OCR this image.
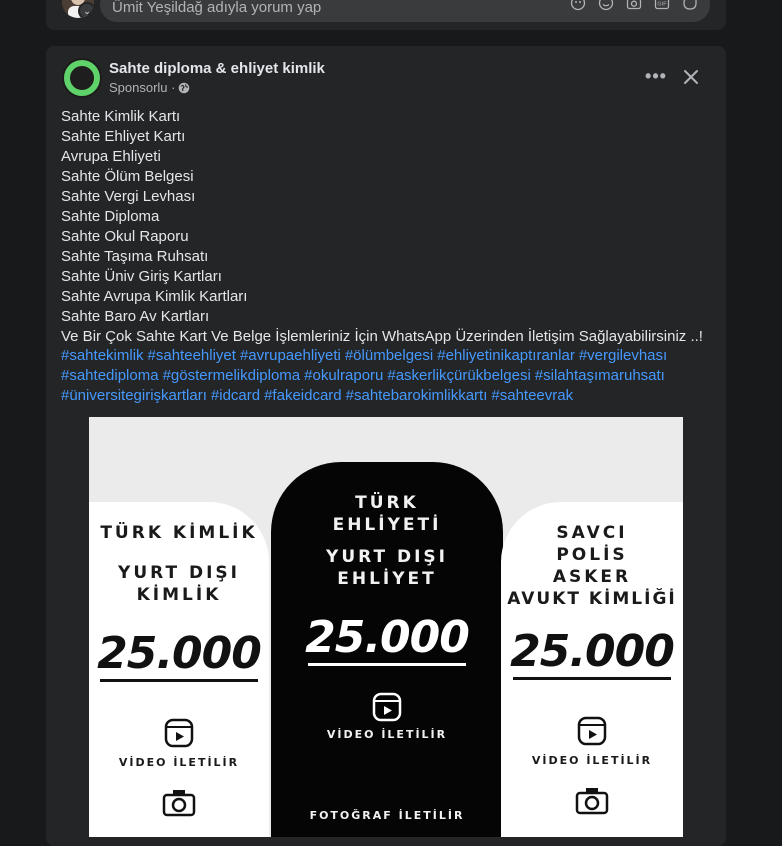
⌄
Ümit Yeşildağ adıyla yorum yap
GIF
Sahte diploma & ehliyet kimlik
Sponsorlu ·
•••
Sahte Kimlik Kartı
Sahte Ehliyet Kartı
Avrupa Ehliyeti
Sahte Ölüm Belgesi
Sahte Vergi Levhası
Sahte Diploma
Sahte Okul Raporu
Sahte Taşıma Ruhsatı
Sahte Üniv Giriş Kartları
Sahte Avrupa Kimlik Kartları
Sahte Baro Av Kartları
Ve Bir Çok Sahte Kart Ve Belge İşlemleriniz İçin WhatsApp Üzerinden İletişim Sağlayabilirsiniz ..!
#sahtekimlik #sahteehliyet #avrupaehliyeti #ölümbelgesi #ehliyetinikaptıranlar #vergilevhası
#sahtediploma #göstermelikdiploma #okulraporu #askerlikçürükbelgesi #silahtaşımaruhsatı
#üniversitegirişkartları #idcard #fakeidcard #sahtebarokimlikkartı #sahteevrak
TÜRK KİMLİK
YURT DIŞI
KİMLİK
25.000
VİDEO İLETİLİR
TÜRK
EHLİYETİ
YURT DIŞI
EHLİYET
25.000
VİDEO İLETİLİR
FOTOĞRAF İLETİLİR
SAVCI
POLİS
ASKER
AVUKT KİMLİĞİ
25.000
VİDEO İLETİLİR
